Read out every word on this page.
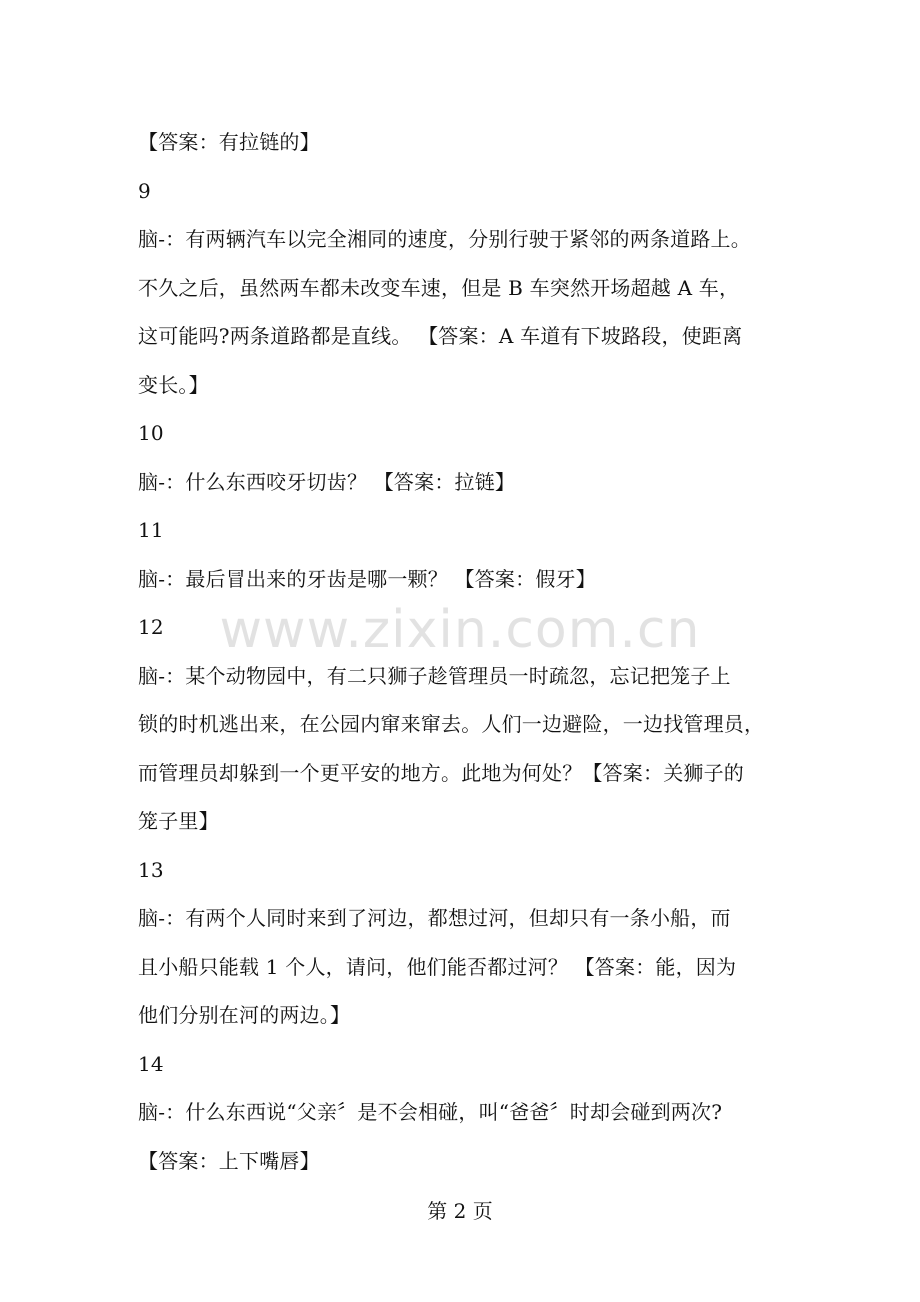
【答案：有拉链的】
9
脑-：有两辆汽车以完全湘同的速度，分别行驶于紧邻的两条道路上。
不久之后，虽然两车都未改变车速，但是 B 车突然开场超越 A 车，
这可能吗?两条道路都是直线。 【答案：A 车道有下坡路段，使距离
变长。】
10
脑-：什么东西咬牙切齿？ 【答案：拉链】
11
脑-：最后冒出来的牙齿是哪一颗？ 【答案：假牙】
12
脑-：某个动物园中，有二只狮子趁管理员一时疏忽，忘记把笼子上
锁的时机逃出来，在公园内窜来窜去。人们一边避险，一边找管理员，
而管理员却躲到一个更平安的地方。此地为何处？【答案：关狮子的
笼子里】
13
脑-：有两个人同时来到了河边，都想过河，但却只有一条小船，而
且小船只能载 1 个人，请问，他们能否都过河？ 【答案：能，因为
他们分别在河的两边。】
14
脑-：什么东西说“父亲〞是不会相碰，叫“爸爸〞时却会碰到两次?
【答案：上下嘴唇】
www.zixin.com.cn
第 2 页
